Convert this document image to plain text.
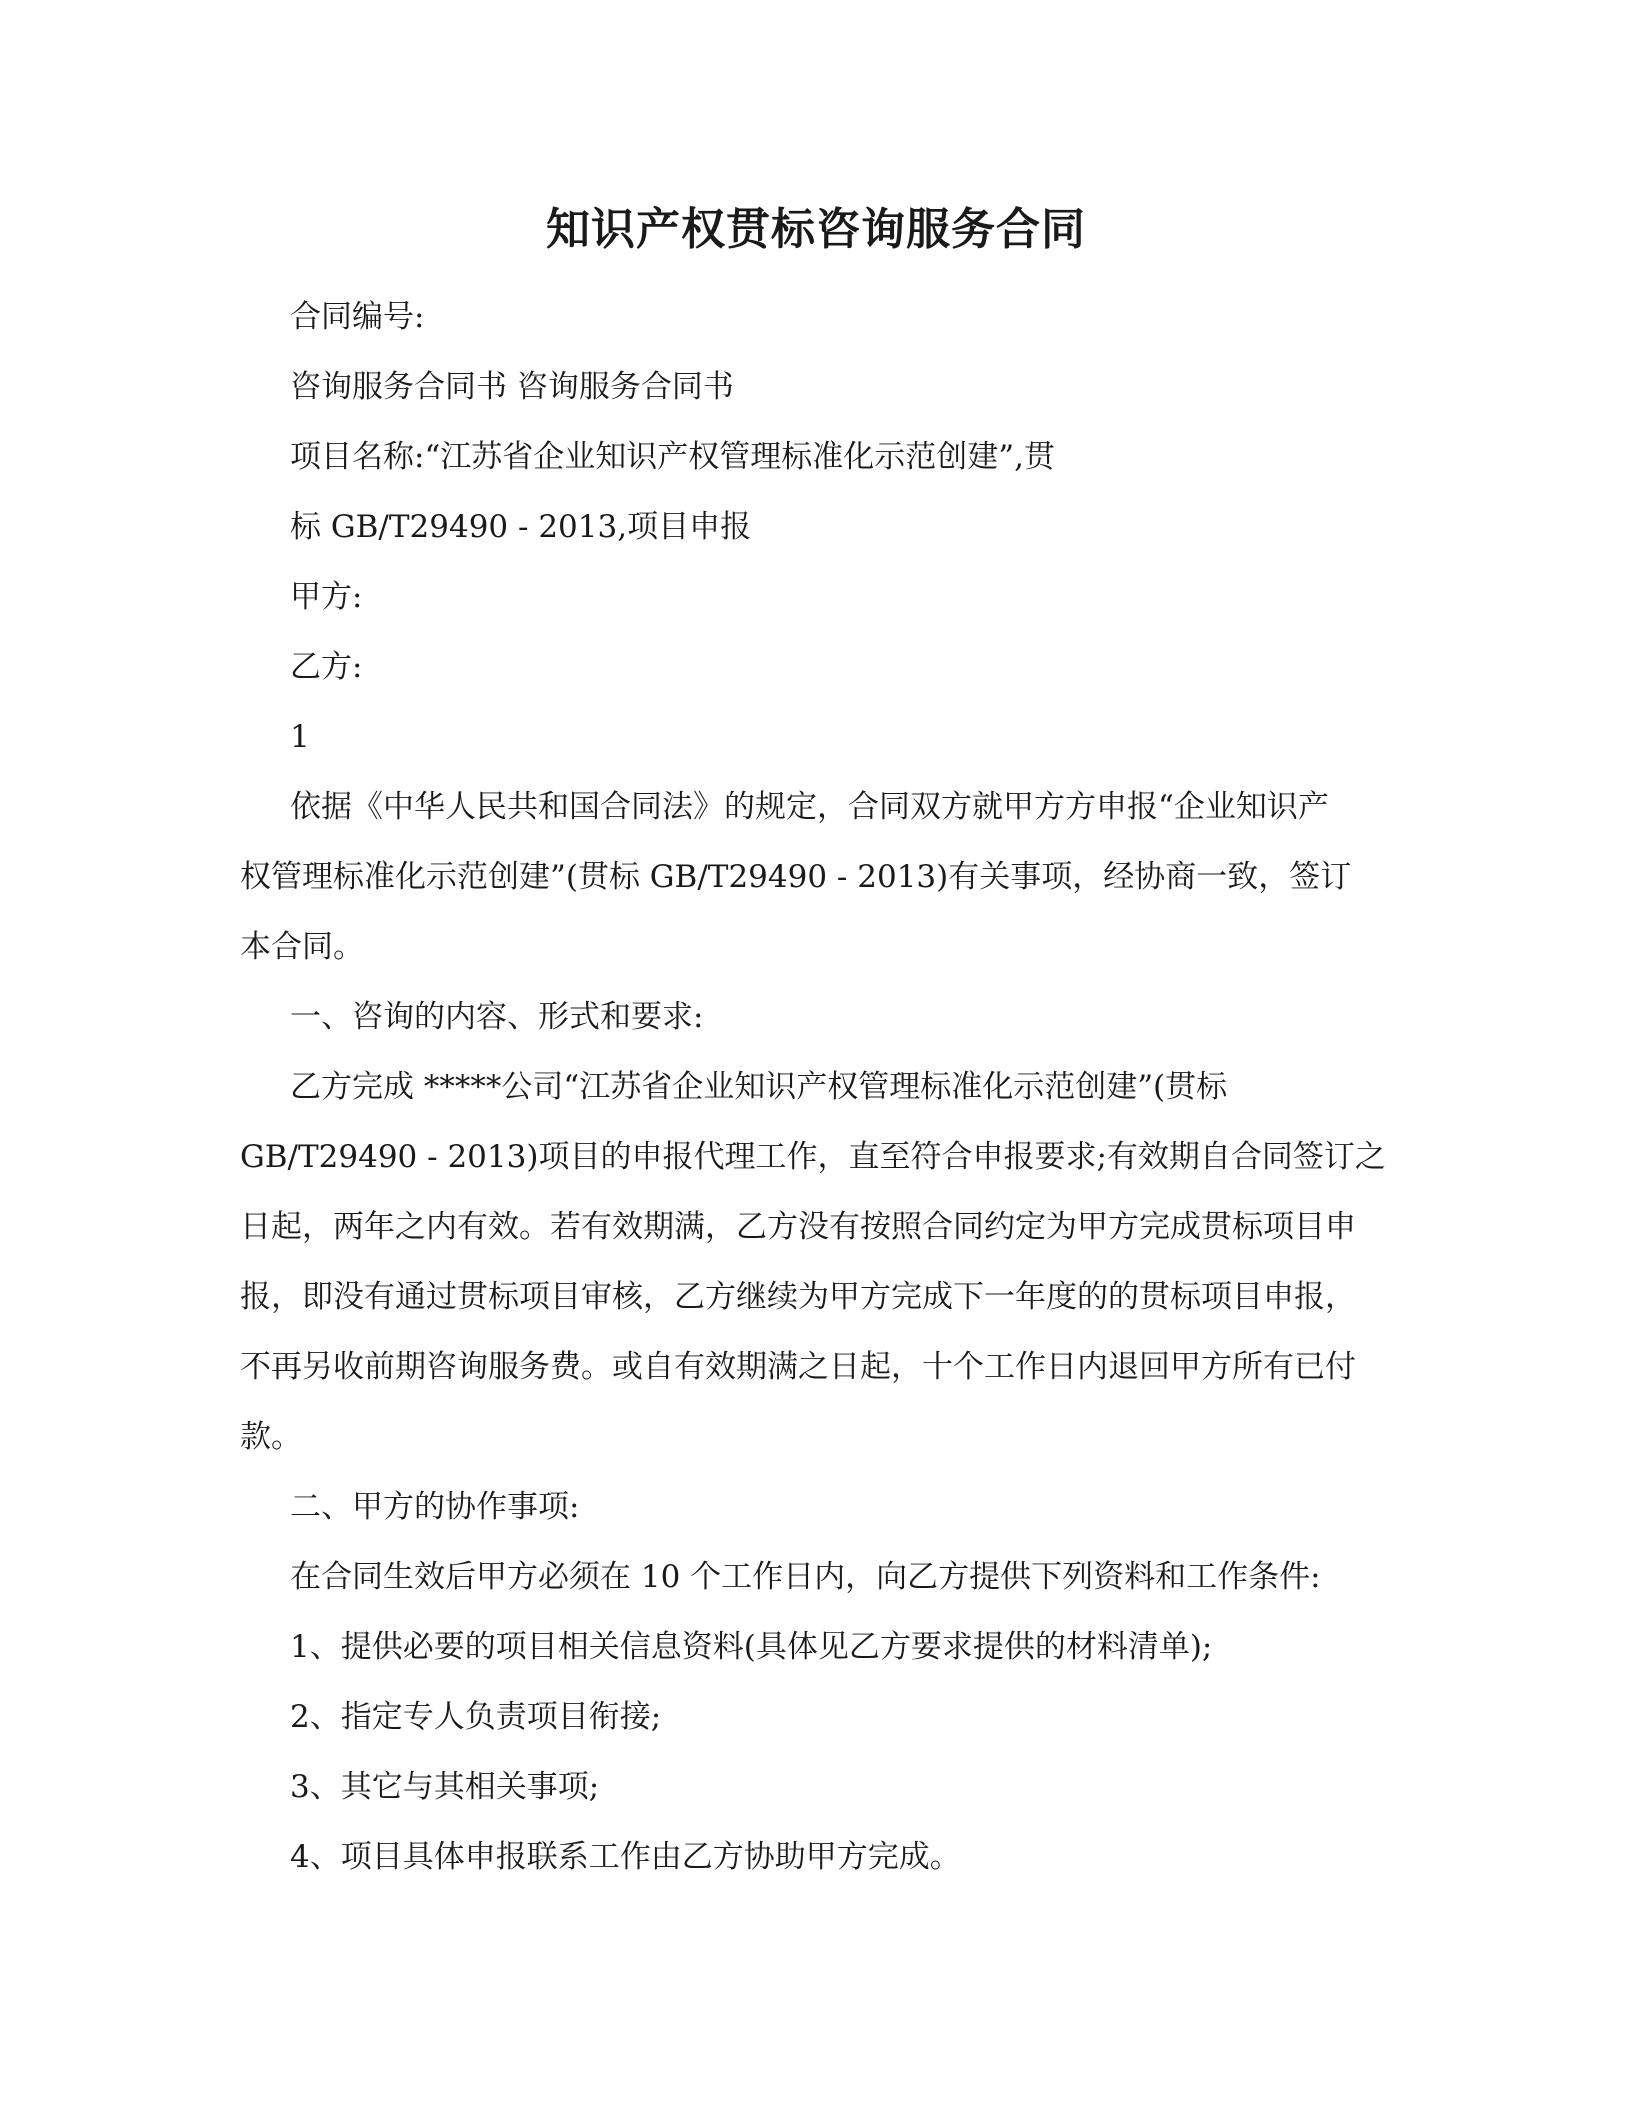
知识产权贯标咨询服务合同
合同编号:
咨询服务合同书 咨询服务合同书
项目名称:“江苏省企业知识产权管理标准化示范创建”,贯
标 GB/T29490 - 2013,项目申报
甲方:
乙方:
1
依据《中华人民共和国合同法》的规定，合同双方就甲方方申报“企业知识产
权管理标准化示范创建”(贯标 GB/T29490 - 2013)有关事项，经协商一致，签订
本合同。
一、咨询的内容、形式和要求:
乙方完成 *****公司“江苏省企业知识产权管理标准化示范创建”(贯标
GB/T29490 - 2013)项目的申报代理工作，直至符合申报要求;有效期自合同签订之
日起，两年之内有效。若有效期满，乙方没有按照合同约定为甲方完成贯标项目申
报，即没有通过贯标项目审核，乙方继续为甲方完成下一年度的的贯标项目申报，
不再另收前期咨询服务费。或自有效期满之日起，十个工作日内退回甲方所有已付
款。
二、甲方的协作事项:
在合同生效后甲方必须在 10 个工作日内，向乙方提供下列资料和工作条件:
1、提供必要的项目相关信息资料(具体见乙方要求提供的材料清单);
2、指定专人负责项目衔接;
3、其它与其相关事项;
4、项目具体申报联系工作由乙方协助甲方完成。
